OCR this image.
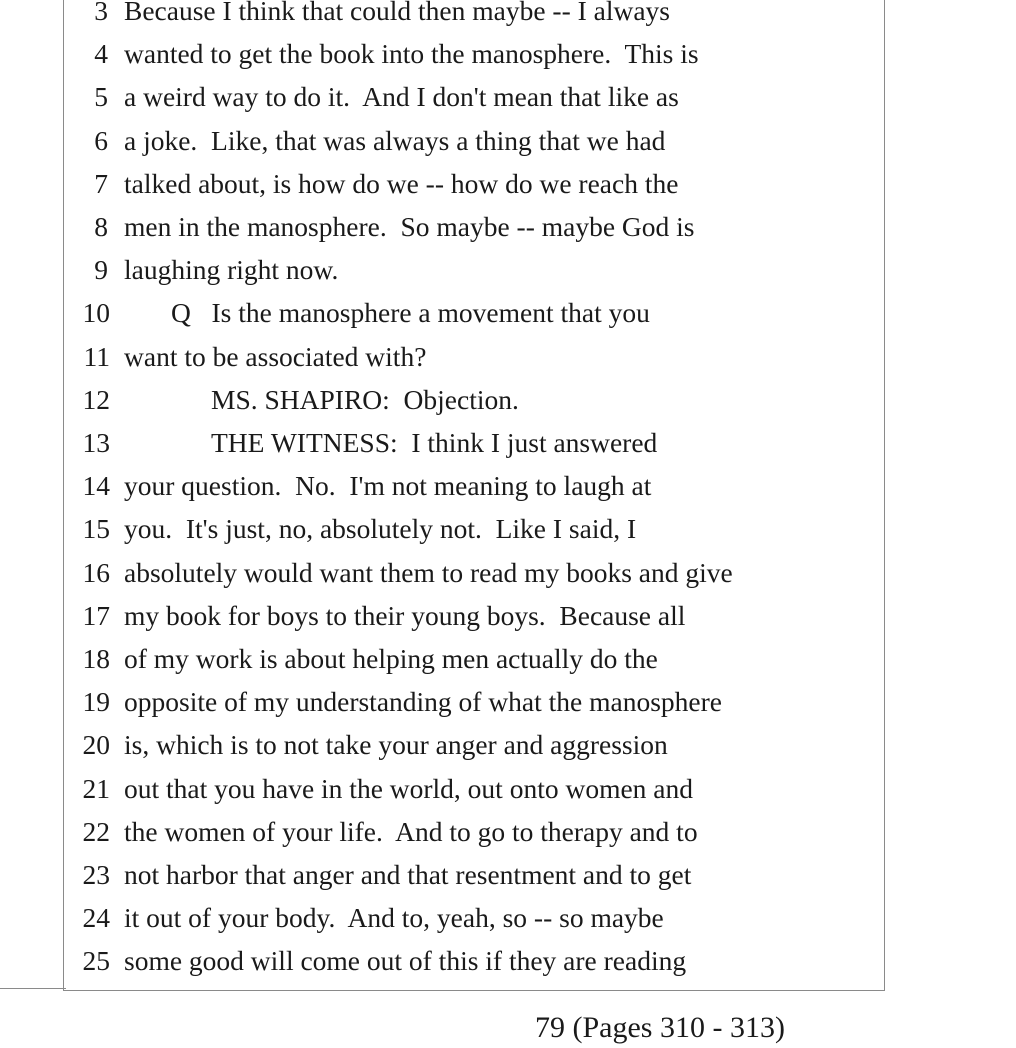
3 Because I think that could then maybe -- I always
4 wanted to get the book into the manosphere.  This is
5 a weird way to do it.  And I don't mean that like as
6 a joke.  Like, that was always a thing that we had
7 talked about, is how do we -- how do we reach the
8 men in the manosphere.  So maybe -- maybe God is
9 laughing right now.
10 Q   Is the manosphere a movement that you
11 want to be associated with?
12	MS. SHAPIRO:  Objection.
13	THE WITNESS:  I think I just answered
14 your question.  No.  I'm not meaning to laugh at
15 you.  It's just, no, absolutely not.  Like I said, I
16 absolutely would want them to read my books and give
17 my book for boys to their young boys.  Because all
18 of my work is about helping men actually do the
19 opposite of my understanding of what the manosphere
20 is, which is to not take your anger and aggression
21 out that you have in the world, out onto women and
22 the women of your life.  And to go to therapy and to
23 not harbor that anger and that resentment and to get
24 it out of your body.  And to, yeah, so -- so maybe
25 some good will come out of this if they are reading
79 (Pages 310 - 313)
